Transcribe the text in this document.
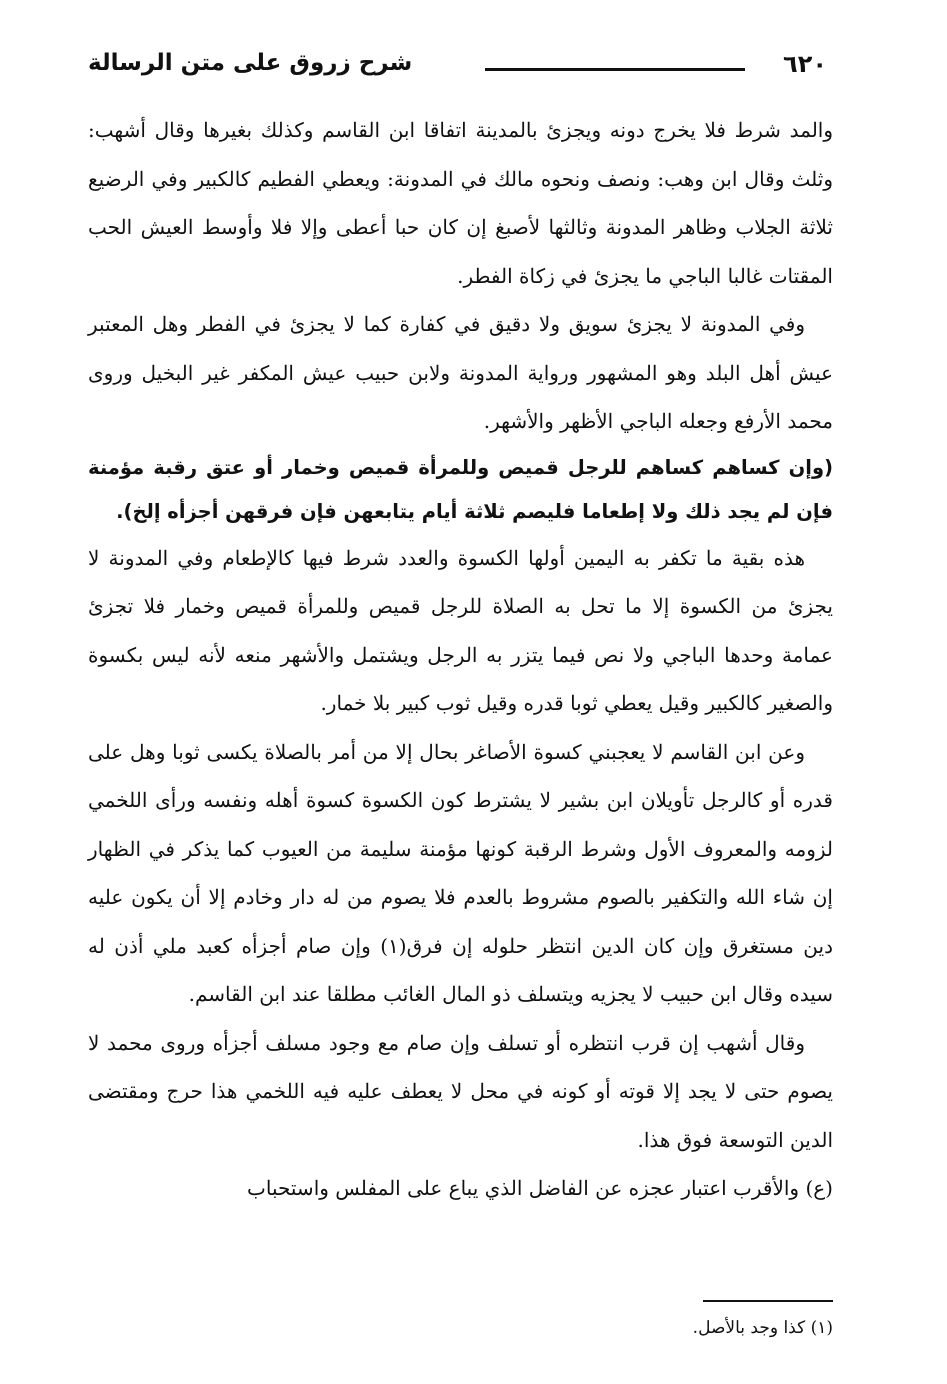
٦٢٠
شرح زروق على متن الرسالة

والمد شرط فلا يخرج دونه ويجزئ بالمدينة اتفاقا ابن القاسم وكذلك بغيرها وقال أشهب: وثلث وقال ابن وهب: ونصف ونحوه مالك في المدونة: ويعطي الفطيم كالكبير وفي الرضيع ثلاثة الجلاب وظاهر المدونة وثالثها لأصبغ إن كان حبا أعطى وإلا فلا وأوسط العيش الحب المقتات غالبا الباجي ما يجزئ في زكاة الفطر.

وفي المدونة لا يجزئ سويق ولا دقيق في كفارة كما لا يجزئ في الفطر وهل المعتبر عيش أهل البلد وهو المشهور ورواية المدونة ولابن حبيب عيش المكفر غير البخيل وروى محمد الأرفع وجعله الباجي الأظهر والأشهر.

(وإن كساهم كساهم للرجل قميص وللمرأة قميص وخمار أو عتق رقبة مؤمنة فإن لم يجد ذلك ولا إطعاما فليصم ثلاثة أيام يتابعهن فإن فرقهن أجزأه إلخ).

هذه بقية ما تكفر به اليمين أولها الكسوة والعدد شرط فيها كالإطعام وفي المدونة لا يجزئ من الكسوة إلا ما تحل به الصلاة للرجل قميص وللمرأة قميص وخمار فلا تجزئ عمامة وحدها الباجي ولا نص فيما يتزر به الرجل ويشتمل والأشهر منعه لأنه ليس بكسوة والصغير كالكبير وقيل يعطي ثوبا قدره وقيل ثوب كبير بلا خمار.

وعن ابن القاسم لا يعجبني كسوة الأصاغر بحال إلا من أمر بالصلاة يكسى ثوبا وهل على قدره أو كالرجل تأويلان ابن بشير لا يشترط كون الكسوة كسوة أهله ونفسه ورأى اللخمي لزومه والمعروف الأول وشرط الرقبة كونها مؤمنة سليمة من العيوب كما يذكر في الظهار إن شاء الله والتكفير بالصوم مشروط بالعدم فلا يصوم من له دار وخادم إلا أن يكون عليه دين مستغرق وإن كان الدين انتظر حلوله إن فرق(١) وإن صام أجزأه كعبد ملي أذن له سيده وقال ابن حبيب لا يجزيه ويتسلف ذو المال الغائب مطلقا عند ابن القاسم.

وقال أشهب إن قرب انتظره أو تسلف وإن صام مع وجود مسلف أجزأه وروى محمد لا يصوم حتى لا يجد إلا قوته أو كونه في محل لا يعطف عليه فيه اللخمي هذا حرج ومقتضى الدين التوسعة فوق هذا.

(ع) والأقرب اعتبار عجزه عن الفاضل الذي يباع على المفلس واستحباب

(١) كذا وجد بالأصل.
